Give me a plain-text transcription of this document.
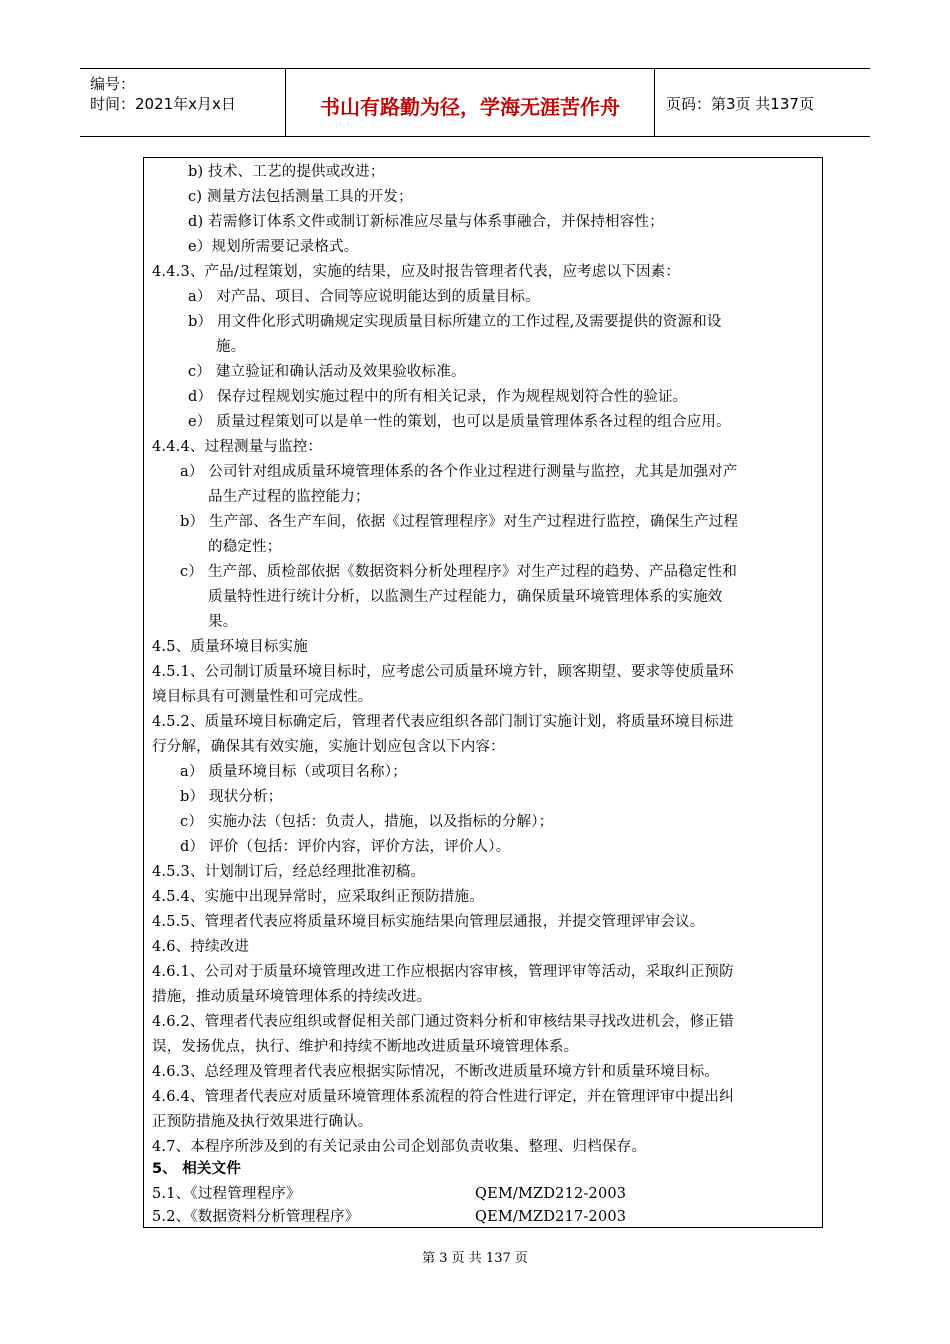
编号：
时间：2021年x月x日	书山有路勤为径，学海无涯苦作舟	页码：第3页 共137页
b) 技术、工艺的提供或改进；
c) 测量方法包括测量工具的开发；
d) 若需修订体系文件或制订新标准应尽量与体系事融合，并保持相容性；
e）规划所需要记录格式。
4.4.3、产品/过程策划，实施的结果，应及时报告管理者代表，应考虑以下因素：
a） 对产品、项目、合同等应说明能达到的质量目标。
b） 用文件化形式明确规定实现质量目标所建立的工作过程,及需要提供的资源和设
施。
c） 建立验证和确认活动及效果验收标准。
d） 保存过程规划实施过程中的所有相关记录，作为规程规划符合性的验证。
e） 质量过程策划可以是单一性的策划，也可以是质量管理体系各过程的组合应用。
4.4.4、过程测量与监控：
a） 公司针对组成质量环境管理体系的各个作业过程进行测量与监控，尤其是加强对产
品生产过程的监控能力；
b） 生产部、各生产车间，依据《过程管理程序》对生产过程进行监控，确保生产过程
的稳定性；
c） 生产部、质检部依据《数据资料分析处理程序》对生产过程的趋势、产品稳定性和
质量特性进行统计分析，以监测生产过程能力，确保质量环境管理体系的实施效
果。
4.5、质量环境目标实施
4.5.1、公司制订质量环境目标时，应考虑公司质量环境方针，顾客期望、要求等使质量环
境目标具有可测量性和可完成性。
4.5.2、质量环境目标确定后，管理者代表应组织各部门制订实施计划，将质量环境目标进
行分解，确保其有效实施，实施计划应包含以下内容：
a） 质量环境目标（或项目名称）；
b） 现状分析；
c） 实施办法（包括：负责人，措施，以及指标的分解）；
d） 评价（包括：评价内容，评价方法，评价人）。
4.5.3、计划制订后，经总经理批准初稿。
4.5.4、实施中出现异常时，应采取纠正预防措施。
4.5.5、管理者代表应将质量环境目标实施结果向管理层通报，并提交管理评审会议。
4.6、持续改进
4.6.1、公司对于质量环境管理改进工作应根据内容审核，管理评审等活动，采取纠正预防
措施，推动质量环境管理体系的持续改进。
4.6.2、管理者代表应组织或督促相关部门通过资料分析和审核结果寻找改进机会，修正错
误，发扬优点，执行、维护和持续不断地改进质量环境管理体系。
4.6.3、总经理及管理者代表应根据实际情况，不断改进质量环境方针和质量环境目标。
4.6.4、管理者代表应对质量环境管理体系流程的符合性进行评定，并在管理评审中提出纠
正预防措施及执行效果进行确认。
4.7、本程序所涉及到的有关记录由公司企划部负责收集、整理、归档保存。
5、 相关文件
5.1、《过程管理程序》	QEM/MZD212-2003
5.2、《数据资料分析管理程序》	QEM/MZD217-2003
第 3 页 共 137 页
